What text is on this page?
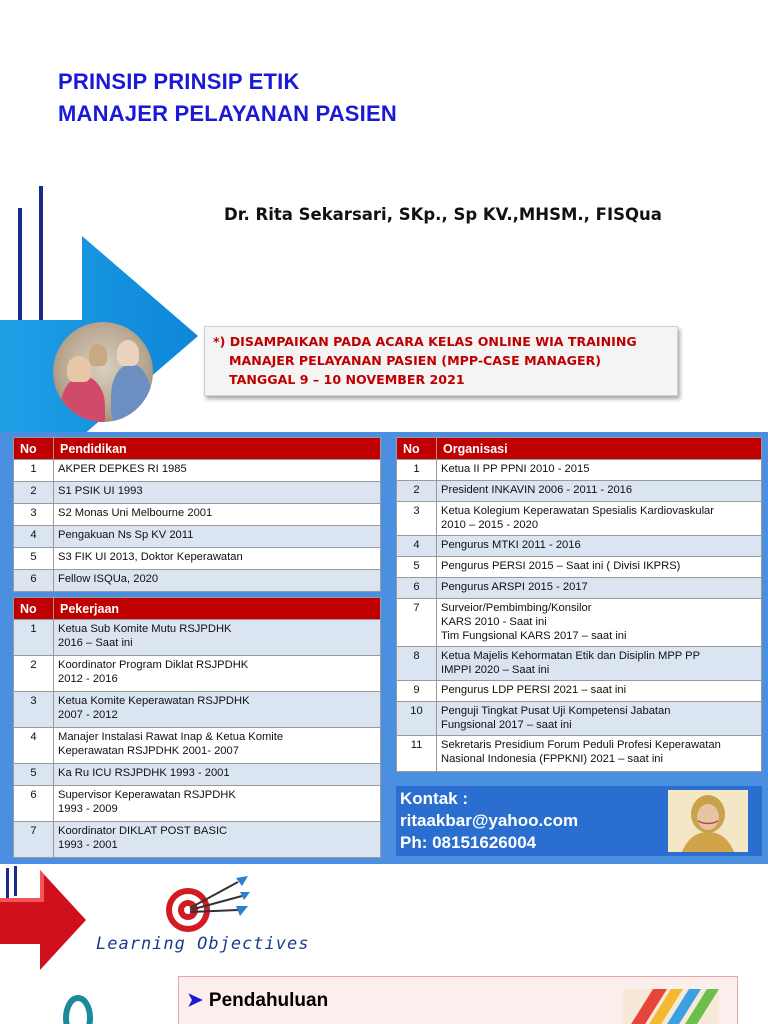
PRINSIP PRINSIP ETIK
MANAJER PELAYANAN PASIEN
Dr. Rita Sekarsari, SKp., Sp KV.,MHSM., FISQua
*) DISAMPAIKAN PADA ACARA KELAS ONLINE WIA TRAINING
MANAJER PELAYANAN PASIEN (MPP-CASE MANAGER)
TANGGAL 9 – 10 NOVEMBER 2021
No	Pendidikan
1	AKPER DEPKES RI 1985
2	S1 PSIK UI 1993
3	S2 Monas Uni Melbourne 2001
4	Pengakuan Ns Sp KV 2011
5	S3 FIK UI 2013, Doktor Keperawatan
6	Fellow ISQUa, 2020
No	Pekerjaan
1	Ketua Sub Komite Mutu RSJPDHK
2016 – Saat ini

2	Koordinator Program Diklat RSJPDHK
2012 - 2016

3	Ketua Komite Keperawatan RSJPDHK
2007 - 2012

4	Manajer Instalasi Rawat Inap & Ketua Komite
Keperawatan RSJPDHK 2001- 2007

5	Ka Ru ICU RSJPDHK 1993 - 2001
6	Supervisor Keperawatan RSJPDHK
1993 - 2009

7	Koordinator DIKLAT POST BASIC
1993 - 2001
No	Organisasi
1	Ketua II PP PPNI 2010 - 2015
2	President INKAVIN 2006 - 2011 - 2016
3	Ketua Kolegium Keperawatan Spesialis Kardiovaskular
2010 – 2015 - 2020

4	Pengurus MTKI 2011 - 2016
5	Pengurus PERSI 2015 – Saat ini ( Divisi IKPRS)
6	Pengurus ARSPI 2015 - 2017
7	Surveior/Pembimbing/Konsilor
KARS 2010 - Saat ini
Tim Fungsional KARS 2017 – saat ini

8	Ketua Majelis Kehormatan Etik dan Disiplin MPP PP
IMPPI 2020 – Saat ini

9	Pengurus LDP PERSI 2021 – saat ini
10	Penguji Tingkat Pusat Uji Kompetensi Jabatan
Fungsional 2017 – saat ini

11	Sekretaris Presidium Forum Peduli Profesi Keperawatan
Nasional Indonesia (FPPKNI) 2021 – saat ini
Kontak :
ritaakbar@yahoo.com
Ph: 08151626004
Learning Objectives
➤ Pendahuluan
